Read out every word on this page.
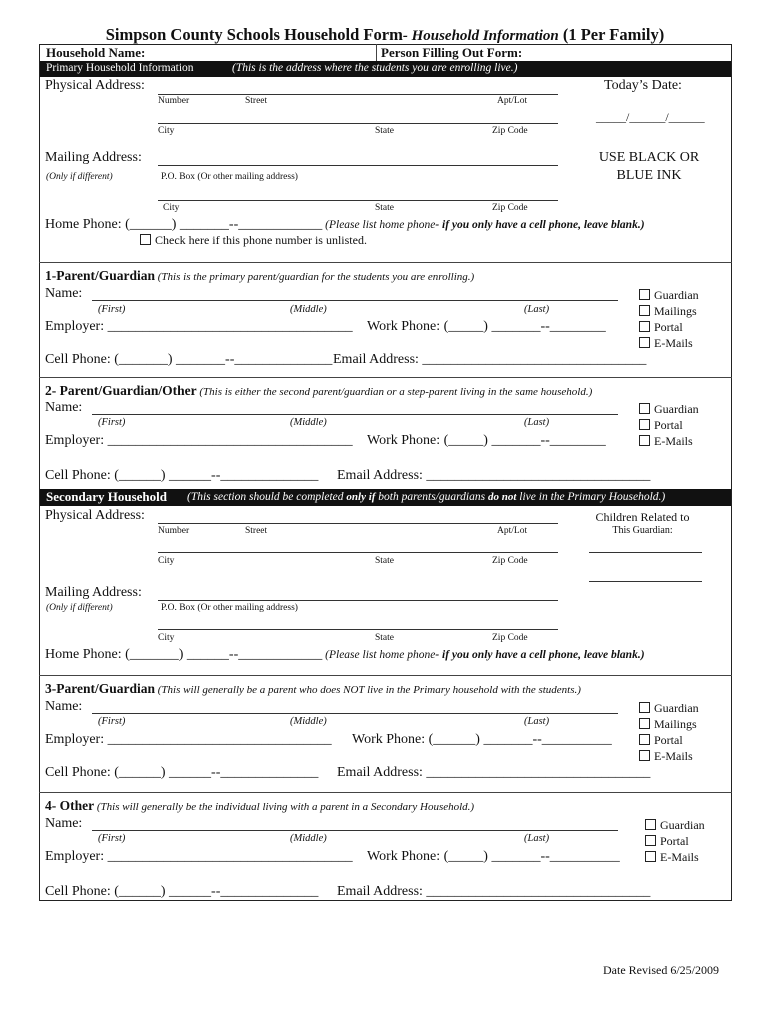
Simpson County Schools Household Form- Household Information (1 Per Family)
Household Name:	Person Filling Out Form:
Primary Household Information	(This is the address where the students you are enrolling live.)
Physical Address:
Number	Street	Apt/Lot
Today’s Date:
_____/______/______
City	State	Zip Code
Mailing Address:
(Only if different)	P.O. Box (Or other mailing address)
USE BLACK OR
BLUE INK
City	State	Zip Code
Home Phone: (______) _______--____________ (Please list home phone- if you only have a cell phone, leave blank.)
Check here if this phone number is unlisted.
1-Parent/Guardian (This is the primary parent/guardian for the students you are enrolling.)
Name:
(First)	(Middle)	(Last)
Employer: ___________________________________ Work Phone: (_____) _______--________
Cell Phone: (_______) _______--______________ Email Address: ________________________________
Guardian
Mailings
Portal
E-Mails
2- Parent/Guardian/Other (This is either the second parent/guardian or a step-parent living in the same household.)
Name:
(First)	(Middle)	(Last)
Employer: ___________________________________ Work Phone: (_____) _______--________
Cell Phone: (______) ______--______________ Email Address: ________________________________
Guardian
Portal
E-Mails
Secondary Household (This section should be completed only if both parents/guardians do not live in the Primary Household.)
Physical Address:
Number	Street	Apt/Lot
Children Related to
This Guardian:
City	State	Zip Code
Mailing Address:
(Only if different)	P.O. Box (Or other mailing address)
City	State	Zip Code
Home Phone: (_______) ______--____________ (Please list home phone- if you only have a cell phone, leave blank.)
3-Parent/Guardian (This will generally be a parent who does NOT live in the Primary household with the students.)
Name:
(First)	(Middle)	(Last)
Employer: ________________________________ Work Phone: (______) _______--__________
Cell Phone: (______) ______--______________ Email Address: ________________________________
Guardian
Mailings
Portal
E-Mails
4- Other (This will generally be the individual living with a parent in a Secondary Household.)
Name:
(First)	(Middle)	(Last)
Employer: ___________________________________ Work Phone: (_____) _______--__________
Cell Phone: (______) ______--______________ Email Address: ________________________________
Guardian
Portal
E-Mails
Date Revised 6/25/2009
